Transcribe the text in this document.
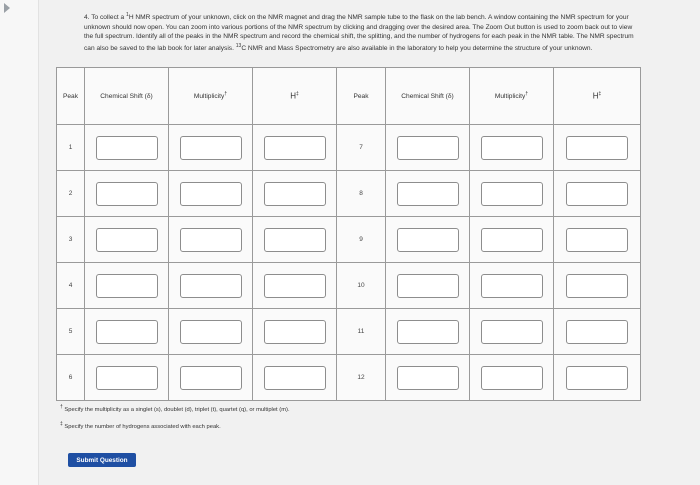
4. To collect a $^1$H NMR spectrum of your unknown, click on the NMR magnet and drag the NMR sample tube to the flask on the lab bench. A window containing the NMR spectrum for your unknown should now open. You can zoom into various portions of the NMR spectrum by clicking and dragging over the desired area. The Zoom Out button is used to zoom back out to view the full spectrum. Identify all of the peaks in the NMR spectrum and record the chemical shift, the splitting, and the number of hydrogens for each peak in the NMR table. The NMR spectrum can also be saved to the lab book for later analysis. $^{13}$C NMR and Mass Spectrometry are also available in the laboratory to help you determine the structure of your unknown.
Peak	Chemical Shift (δ)	Multiplicity†	H‡	Peak	Chemical Shift (δ)	Multiplicity†	H‡
1				7	

2				8	

3				9	

4				10	

5				11	

6				12	

† Specify the multiplicity as a singlet (s), doublet (d), triplet (t), quartet (q), or multiplet (m).
‡ Specify the number of hydrogens associated with each peak.
Submit Question
